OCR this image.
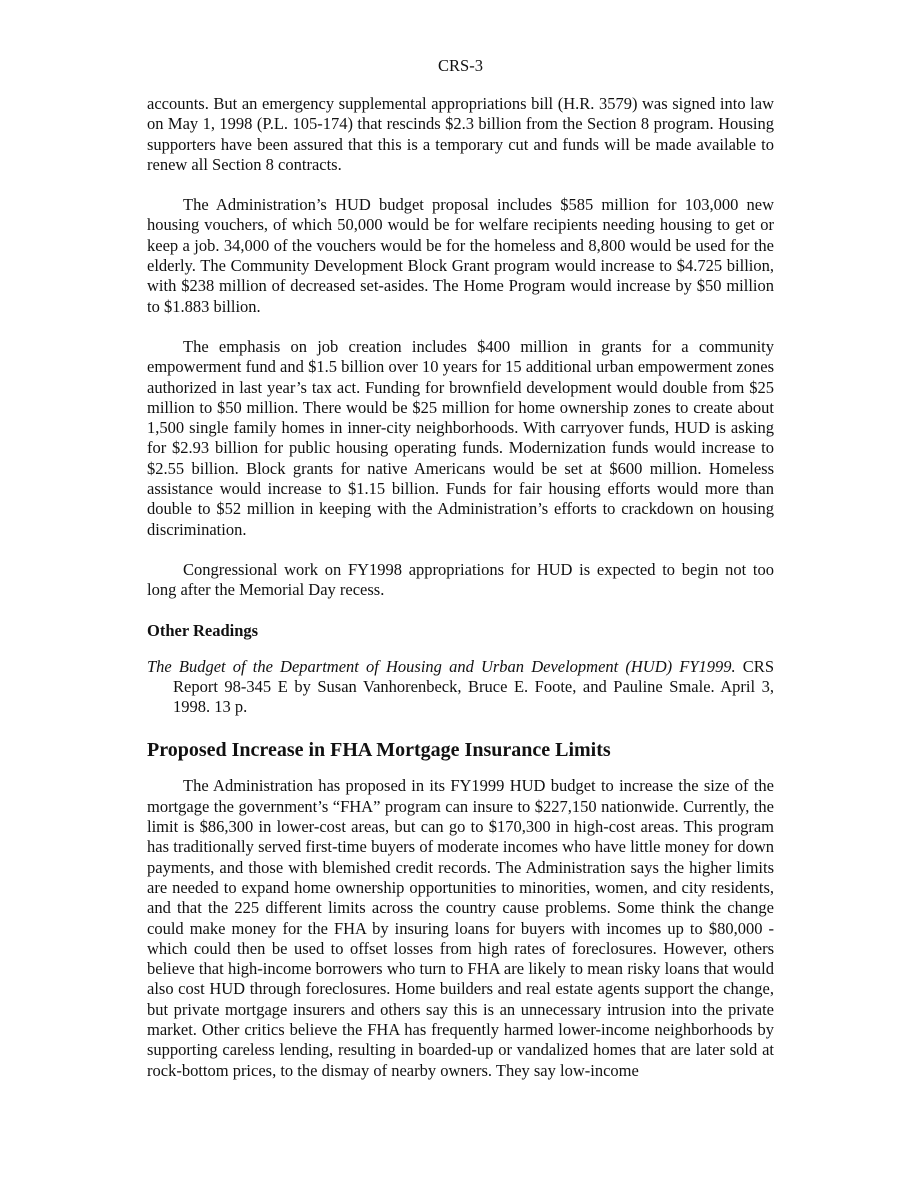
CRS-3

accounts. But an emergency supplemental appropriations bill (H.R. 3579) was signed into law on May 1, 1998 (P.L. 105-174) that rescinds $2.3 billion from the Section 8 program. Housing supporters have been assured that this is a temporary cut and funds will be made available to renew all Section 8 contracts.

The Administration’s HUD budget proposal includes $585 million for 103,000 new housing vouchers, of which 50,000 would be for welfare recipients needing housing to get or keep a job. 34,000 of the vouchers would be for the homeless and 8,800 would be used for the elderly. The Community Development Block Grant program would increase to $4.725 billion, with $238 million of decreased set-asides. The Home Program would increase by $50 million to $1.883 billion.

The emphasis on job creation includes $400 million in grants for a community empowerment fund and $1.5 billion over 10 years for 15 additional urban empowerment zones authorized in last year’s tax act. Funding for brownfield development would double from $25 million to $50 million. There would be $25 million for home ownership zones to create about 1,500 single family homes in inner-city neighborhoods. With carryover funds, HUD is asking for $2.93 billion for public housing operating funds. Modernization funds would increase to $2.55 billion. Block grants for native Americans would be set at $600 million. Homeless assistance would increase to $1.15 billion. Funds for fair housing efforts would more than double to $52 million in keeping with the Administration’s efforts to crackdown on housing discrimination.

Congressional work on FY1998 appropriations for HUD is expected to begin not too long after the Memorial Day recess.

Other Readings

The Budget of the Department of Housing and Urban Development (HUD) FY1999. CRS Report 98-345 E by Susan Vanhorenbeck, Bruce E. Foote, and Pauline Smale. April 3, 1998. 13 p.

Proposed Increase in FHA Mortgage Insurance Limits

The Administration has proposed in its FY1999 HUD budget to increase the size of the mortgage the government’s “FHA” program can insure to $227,150 nationwide. Currently, the limit is $86,300 in lower-cost areas, but can go to $170,300 in high-cost areas. This program has traditionally served first-time buyers of moderate incomes who have little money for down payments, and those with blemished credit records. The Administration says the higher limits are needed to expand home ownership opportunities to minorities, women, and city residents, and that the 225 different limits across the country cause problems. Some think the change could make money for the FHA by insuring loans for buyers with incomes up to $80,000 - which could then be used to offset losses from high rates of foreclosures. However, others believe that high-income borrowers who turn to FHA are likely to mean risky loans that would also cost HUD through foreclosures. Home builders and real estate agents support the change, but private mortgage insurers and others say this is an unnecessary intrusion into the private market. Other critics believe the FHA has frequently harmed lower-income neighborhoods by supporting careless lending, resulting in boarded-up or vandalized homes that are later sold at rock-bottom prices, to the dismay of nearby owners. They say low-income
